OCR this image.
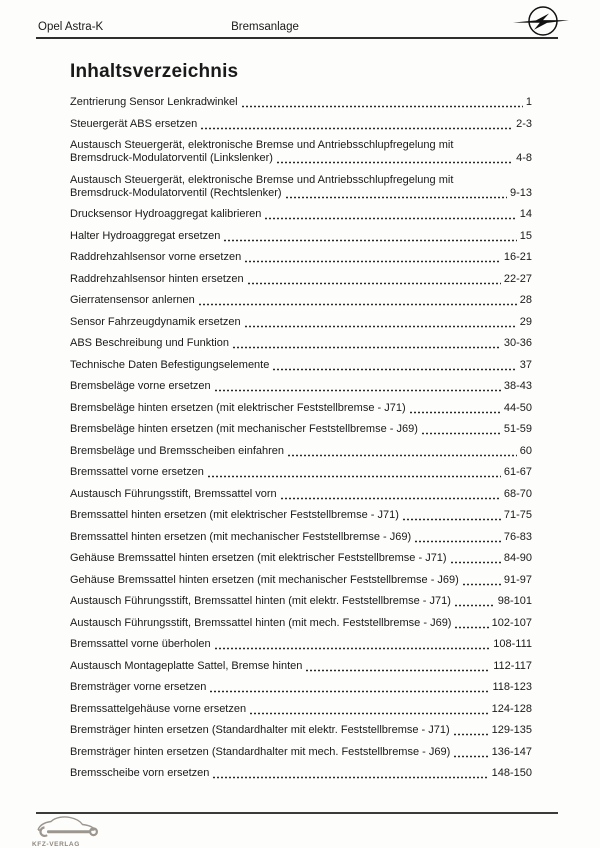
Opel Astra-K	Bremsanlage
Inhaltsverzeichnis
Zentrierung Sensor Lenkradwinkel	1
Steuergerät ABS ersetzen	2-3
Austausch Steuergerät, elektronische Bremse und Antriebsschlupfregelung mit
Bremsdruck-Modulatorventil (Linkslenker)	4-8
Austausch Steuergerät, elektronische Bremse und Antriebsschlupfregelung mit
Bremsdruck-Modulatorventil (Rechtslenker)	9-13
Drucksensor Hydroaggregat kalibrieren	14
Halter Hydroaggregat ersetzen	15
Raddrehzahlsensor vorne ersetzen	16-21
Raddrehzahlsensor hinten ersetzen	22-27
Gierratensensor anlernen	28
Sensor Fahrzeugdynamik ersetzen	29
ABS Beschreibung und Funktion	30-36
Technische Daten Befestigungselemente	37
Bremsbeläge vorne ersetzen	38-43
Bremsbeläge hinten ersetzen (mit elektrischer Feststellbremse - J71)	44-50
Bremsbeläge hinten ersetzen (mit mechanischer Feststellbremse - J69)	51-59
Bremsbeläge und Bremsscheiben einfahren	60
Bremssattel vorne ersetzen	61-67
Austausch Führungsstift, Bremssattel vorn	68-70
Bremssattel hinten ersetzen (mit elektrischer Feststellbremse - J71)	71-75
Bremssattel hinten ersetzen (mit mechanischer Feststellbremse - J69)	76-83
Gehäuse Bremssattel hinten ersetzen (mit elektrischer Feststellbremse - J71)	84-90
Gehäuse Bremssattel hinten ersetzen (mit mechanischer Feststellbremse - J69)	91-97
Austausch Führungsstift, Bremssattel hinten (mit elektr. Feststellbremse - J71)	98-101
Austausch Führungsstift, Bremssattel hinten (mit mech. Feststellbremse - J69)	102-107
Bremssattel vorne überholen	108-111
Austausch Montageplatte Sattel, Bremse hinten	112-117
Bremsträger vorne ersetzen	118-123
Bremssattelgehäuse vorne ersetzen	124-128
Bremsträger hinten ersetzen (Standardhalter mit elektr. Feststellbremse - J71)	129-135
Bremsträger hinten ersetzen (Standardhalter mit mech. Feststellbremse - J69)	136-147
Bremsscheibe vorn ersetzen	148-150
KFZ-VERLAG
